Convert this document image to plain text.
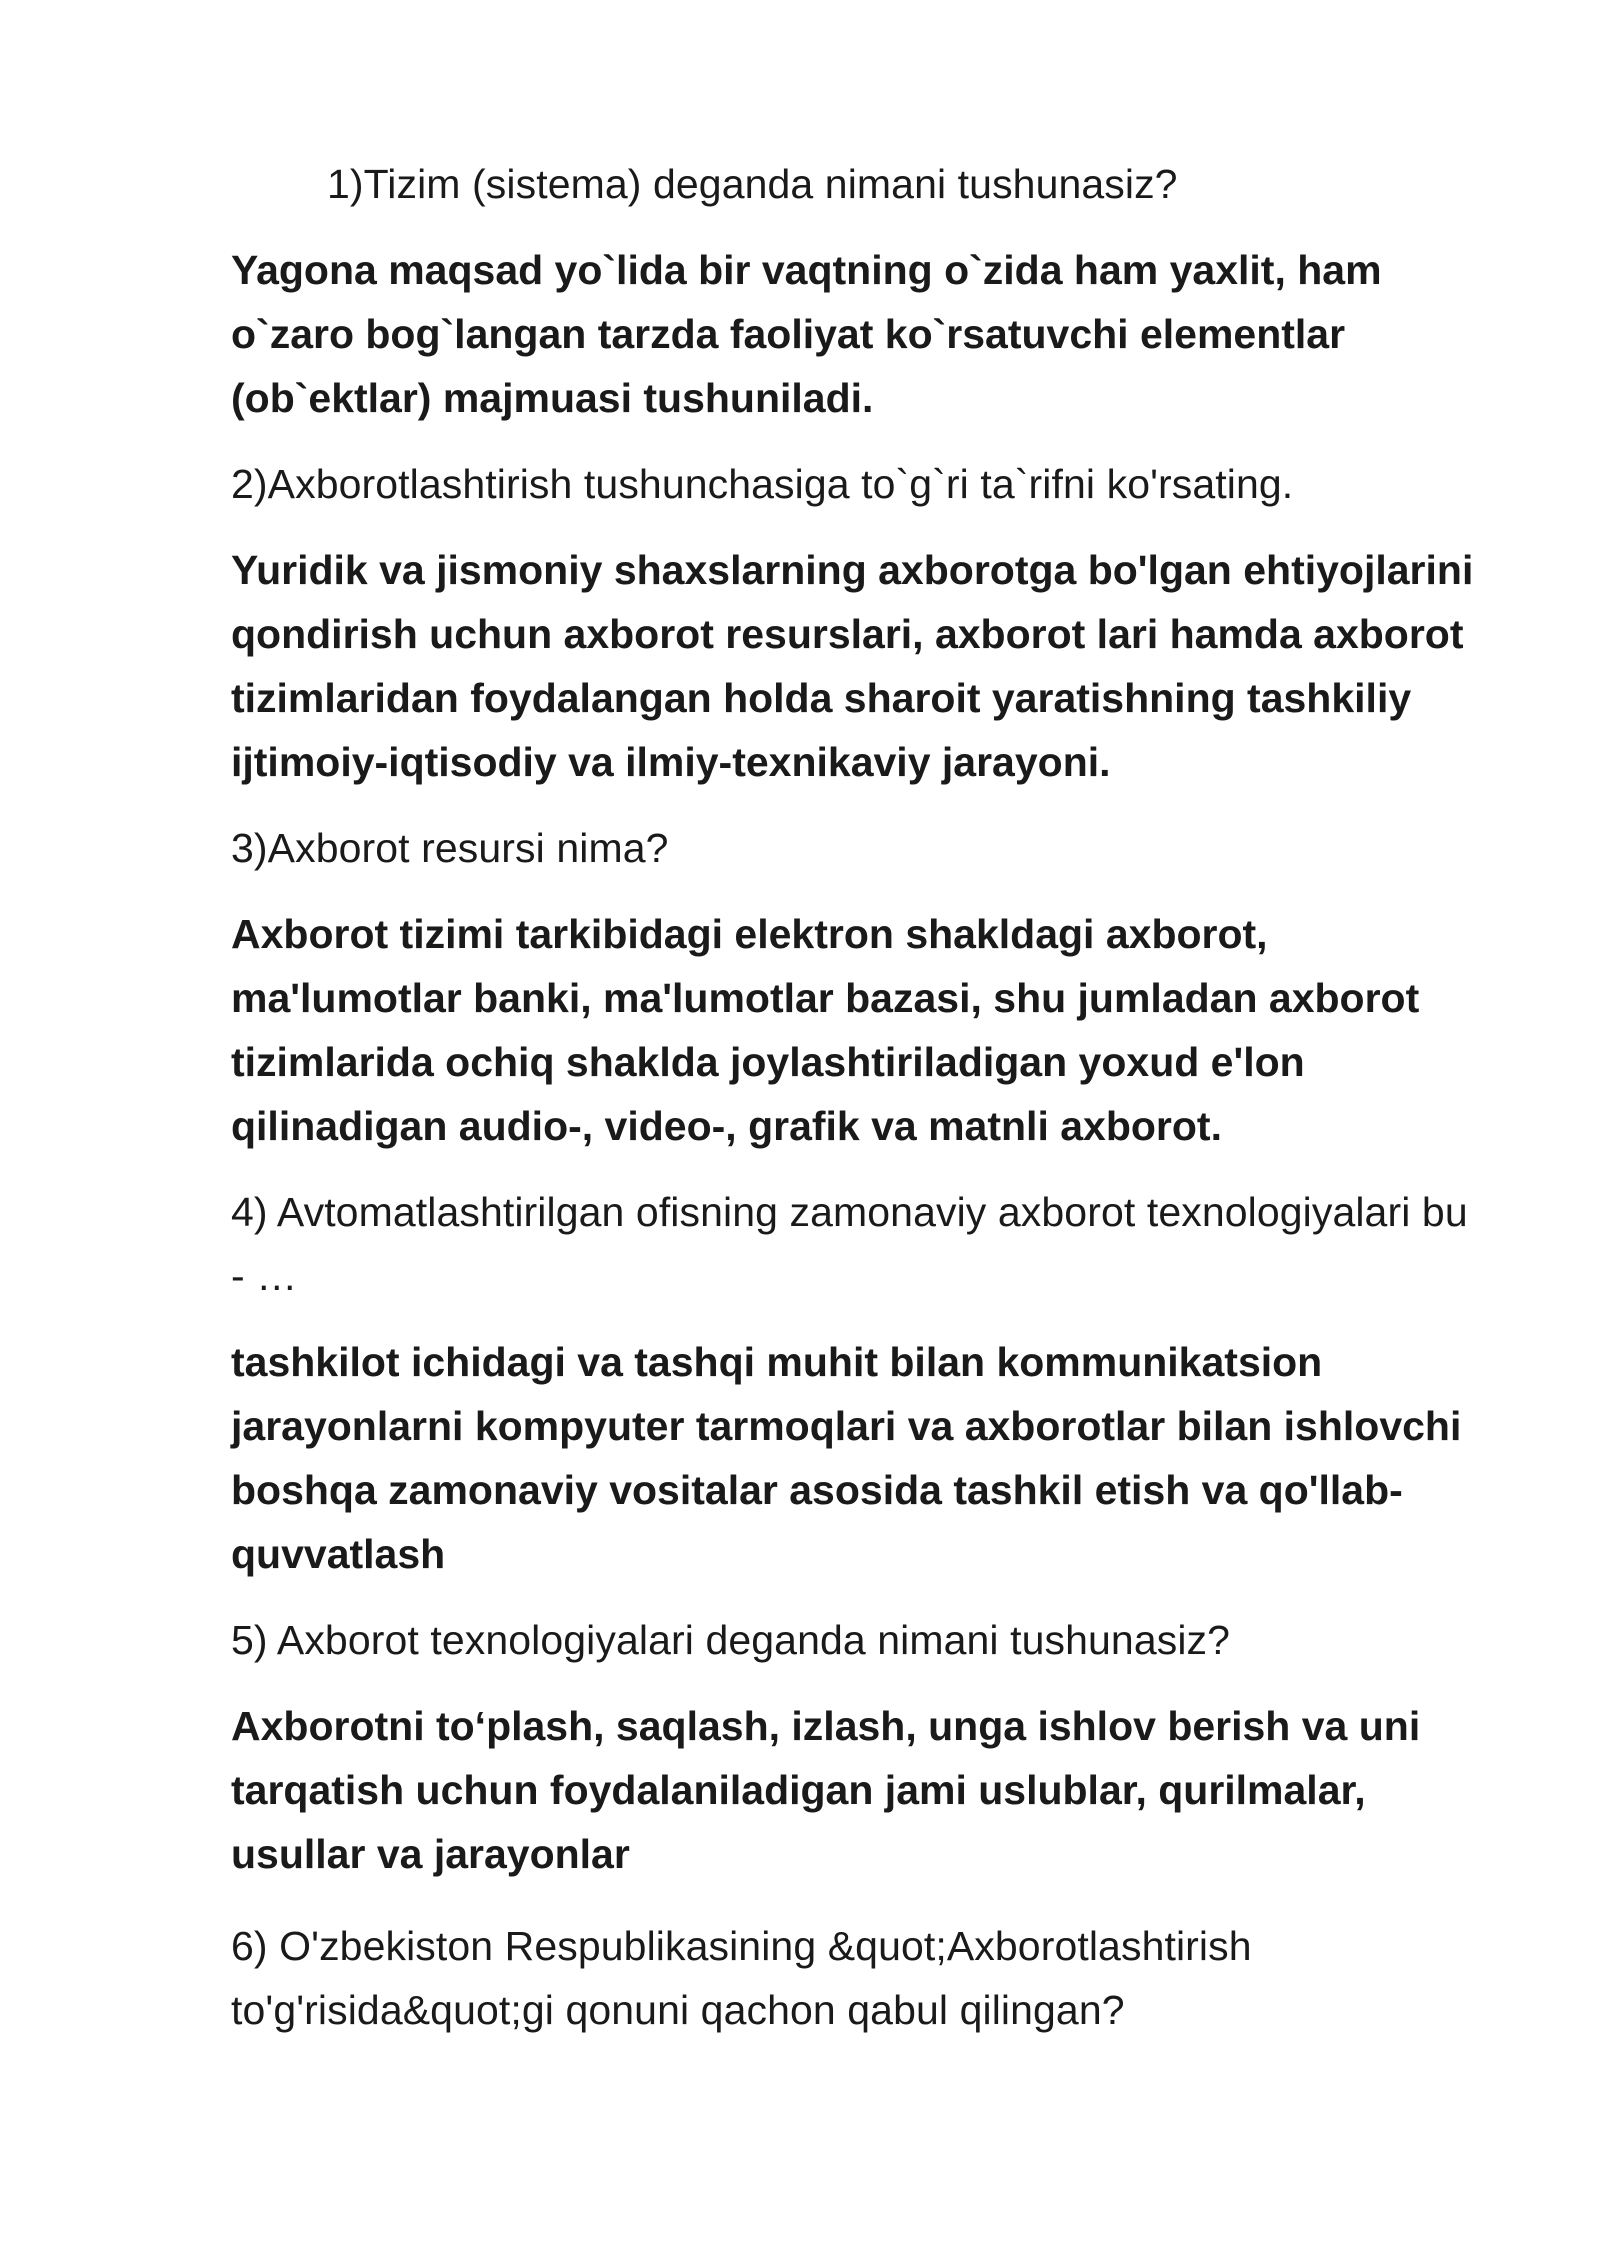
1)Tizim (sistema) deganda nimani tushunasiz?

Yagona maqsad yo`lida bir vaqtning o`zida ham yaxlit, ham o`zaro bog`langan tarzda faoliyat ko`rsatuvchi elementlar (ob`ektlar) majmuasi tushuniladi.

2)Axborotlashtirish tushunchasiga to`g`ri ta`rifni ko'rsating.

Yuridik va jismoniy shaxslarning axborotga bo'lgan ehtiyojlarini qondirish uchun axborot resurslari, axborot lari hamda axborot tizimlaridan foydalangan holda sharoit yaratishning tashkiliy ijtimoiy-iqtisodiy va ilmiy-texnikaviy jarayoni.

3)Axborot resursi nima?

Axborot tizimi tarkibidagi elektron shakldagi axborot, ma'lumotlar banki, ma'lumotlar bazasi, shu jumladan axborot tizimlarida ochiq shaklda joylashtiriladigan yoxud e'lon qilinadigan audio-, video-, grafik va matnli axborot.

4) Avtomatlashtirilgan ofisning zamonaviy axborot texnologiyalari bu - …

tashkilot ichidagi va tashqi muhit bilan kommunikatsion jarayonlarni kompyuter tarmoqlari va axborotlar bilan ishlovchi boshqa zamonaviy vositalar asosida tashkil etish va qo'llab-quvvatlash

5) Axborot texnologiyalari deganda nimani tushunasiz?

Axborotni to‘plash, saqlash, izlash, unga ishlov berish va uni tarqatish uchun foydalaniladigan jami uslublar, qurilmalar, usullar va jarayonlar

6) O'zbekiston Respublikasining &quot;Axborotlashtirish to'g'risida&quot;gi qonuni qachon qabul qilingan?
